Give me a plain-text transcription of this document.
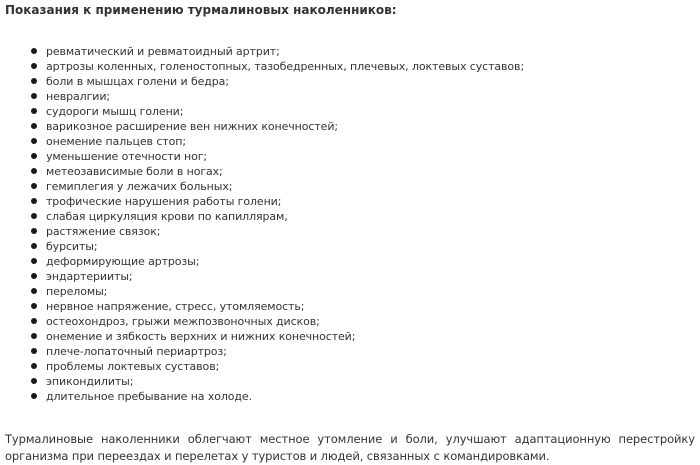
Показания к применению турмалиновых наколенников:

ревматический и ревматоидный артрит;
артрозы коленных, голеностопных, тазобедренных, плечевых, локтевых суставов;
боли в мышцах голени и бедра;
невралгии;
судороги мышц голени;
варикозное расширение вен нижних конечностей;
онемение пальцев стоп;
уменьшение отечности ног;
метеозависимые боли в ногах;
гемиплегия у лежачих больных;
трофические нарушения работы голени;
слабая циркуляция крови по капиллярам,
растяжение связок;
бурситы;
деформирующие артрозы;
эндартерииты;
переломы;
нервное напряжение, стресс, утомляемость;
остеохондроз, грыжи межпозвоночных дисков;
онемение и зябкость верхних и нижних конечностей;
плече-лопаточный периартроз;
проблемы локтевых суставов;
эпикондилиты;
длительное пребывание на холоде.

Турмалиновые наколенники облегчают местное утомление и боли, улучшают адаптационную перестройку организма при переездах и перелетах у туристов и людей, связанных с командировками.
